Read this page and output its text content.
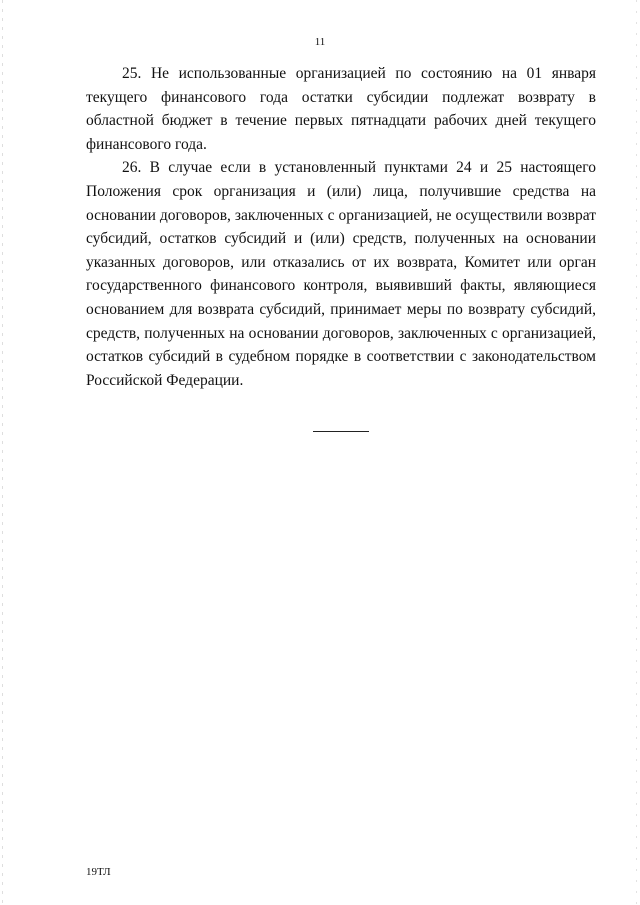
11

25. Не использованные организацией по состоянию на 01 января текущего финансового года остатки субсидии подлежат возврату в областной бюджет в течение первых пятнадцати рабочих дней текущего финансового года.

26. В случае если в установленный пунктами 24 и 25 настоящего Положения срок организация и (или) лица, получившие средства на основании договоров, заключенных с организацией, не осуществили возврат субсидий, остатков субсидий и (или) средств, полученных на основании указанных договоров, или отказались от их возврата, Комитет или орган государственного финансового контроля, выявивший факты, являющиеся основанием для возврата субсидий, принимает меры по возврату субсидий, средств, полученных на основании договоров, заключенных с организацией, остатков субсидий в судебном порядке в соответствии с законодательством Российской Федерации.

19ТЛ
